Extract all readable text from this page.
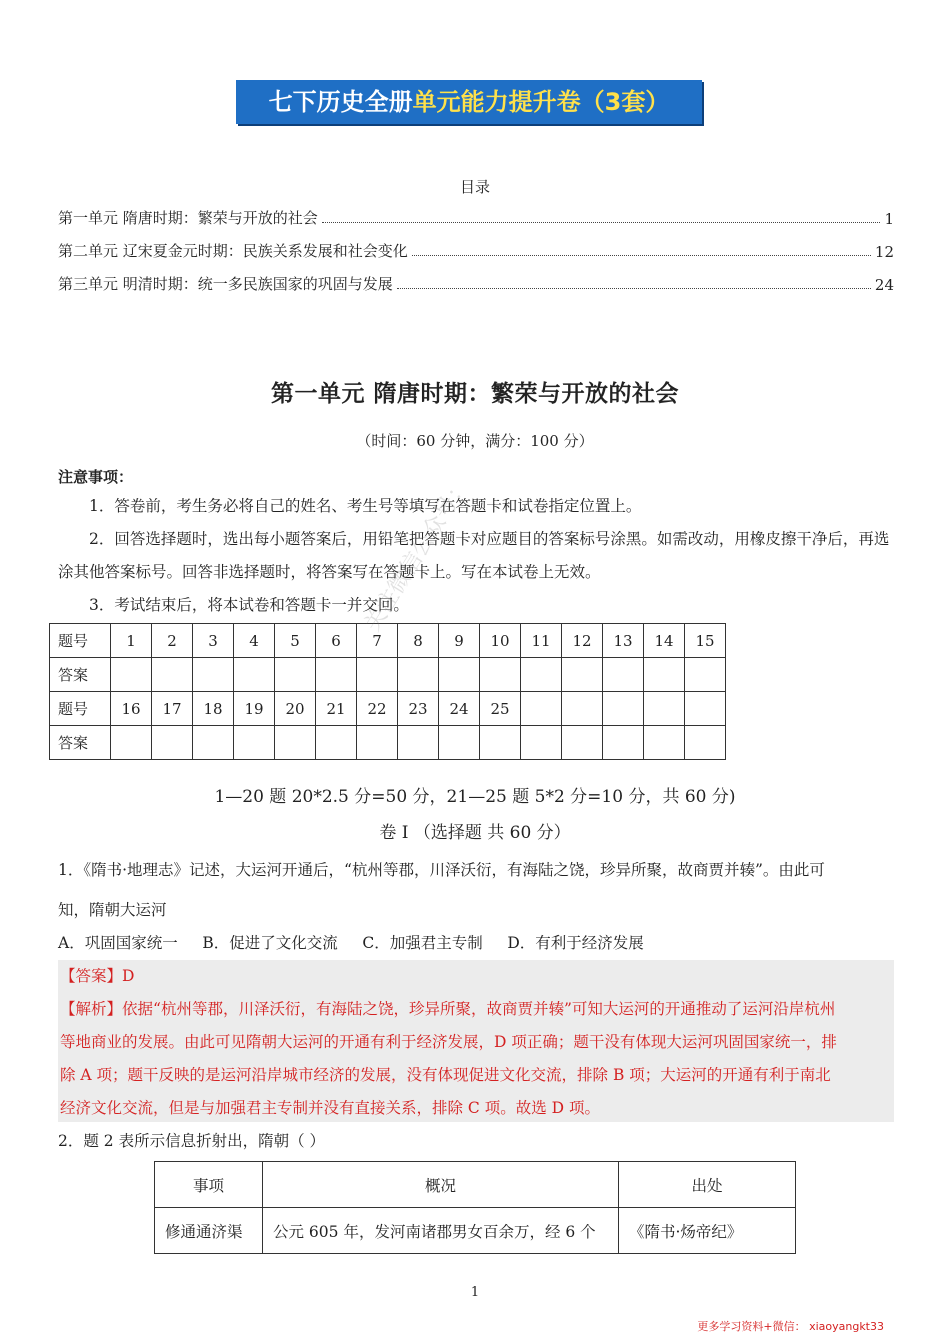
七下历史全册单元能力提升卷（3套）
目录
第一单元 隋唐时期：繁荣与开放的社会	1
第二单元 辽宋夏金元时期：民族关系发展和社会变化	12
第三单元 明清时期：统一多民族国家的巩固与发展	24
第一单元 隋唐时期：繁荣与开放的社会
（时间：60 分钟，满分：100 分）
注意事项：
1．答卷前，考生务必将自己的姓名、考生号等填写在答题卡和试卷指定位置上。
2．回答选择题时，选出每小题答案后，用铅笔把答题卡对应题目的答案标号涂黑。如需改动，用橡皮擦干净后，再选涂其他答案标号。回答非选择题时，将答案写在答题卡上。写在本试卷上无效。
3．考试结束后，将本试卷和答题卡一并交回。
题号	1	2	3	4	5	6	7	8	9	10	11	12	13	14	15
答案															
题号	16	17	18	19	20	21	22	23	24	25					
答案															
关注微信公众号：
1—20 题 20*2.5 分=50 分，21—25 题 5*2 分=10 分，共 60 分)
卷 I （选择题 共 60 分）
1．《隋书·地理志》记述，大运河开通后，“杭州等郡，川泽沃衍，有海陆之饶，珍异所聚，故商贾并辏”。由此可
知，隋朝大运河
A．巩固国家统一     B．促进了文化交流     C．加强君主专制     D．有利于经济发展
【答案】D
【解析】依据“杭州等郡，川泽沃衍，有海陆之饶，珍异所聚，故商贾并辏”可知大运河的开通推动了运河沿岸杭州
等地商业的发展。由此可见隋朝大运河的开通有利于经济发展，D 项正确；题干没有体现大运河巩固国家统一，排
除 A 项；题干反映的是运河沿岸城市经济的发展，没有体现促进文化交流，排除 B 项；大运河的开通有利于南北
经济文化交流，但是与加强君主专制并没有直接关系，排除 C 项。故选 D 项。
2．题 2 表所示信息折射出，隋朝（ ）
事项	概况	出处
修通通济渠	公元 605 年，发河南诸郡男女百余万，经 6 个	《隋书·炀帝纪》
1
更多学习资料+微信： xiaoyangkt33
